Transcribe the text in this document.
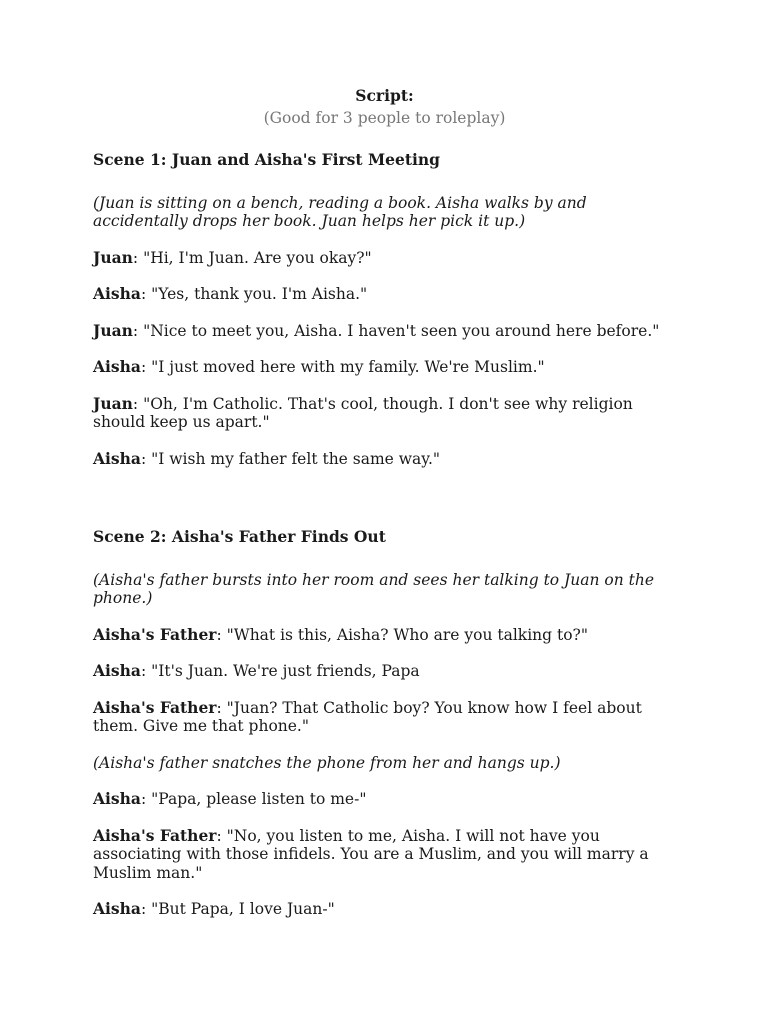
Script:

(Good for 3 people to roleplay)

Scene 1: Juan and Aisha's First Meeting

(Juan is sitting on a bench, reading a book. Aisha walks by and accidentally drops her book. Juan helps her pick it up.)

Juan: "Hi, I'm Juan. Are you okay?"

Aisha: "Yes, thank you. I'm Aisha."

Juan: "Nice to meet you, Aisha. I haven't seen you around here before."

Aisha: "I just moved here with my family. We're Muslim."

Juan: "Oh, I'm Catholic. That's cool, though. I don't see why religion should keep us apart."

Aisha: "I wish my father felt the same way."

Scene 2: Aisha's Father Finds Out

(Aisha's father bursts into her room and sees her talking to Juan on the phone.)

Aisha's Father: "What is this, Aisha? Who are you talking to?"

Aisha: "It's Juan. We're just friends, Papa

Aisha's Father: "Juan? That Catholic boy? You know how I feel about them. Give me that phone."

(Aisha's father snatches the phone from her and hangs up.)

Aisha: "Papa, please listen to me-"

Aisha's Father: "No, you listen to me, Aisha. I will not have you associating with those infidels. You are a Muslim, and you will marry a Muslim man."

Aisha: "But Papa, I love Juan-"
